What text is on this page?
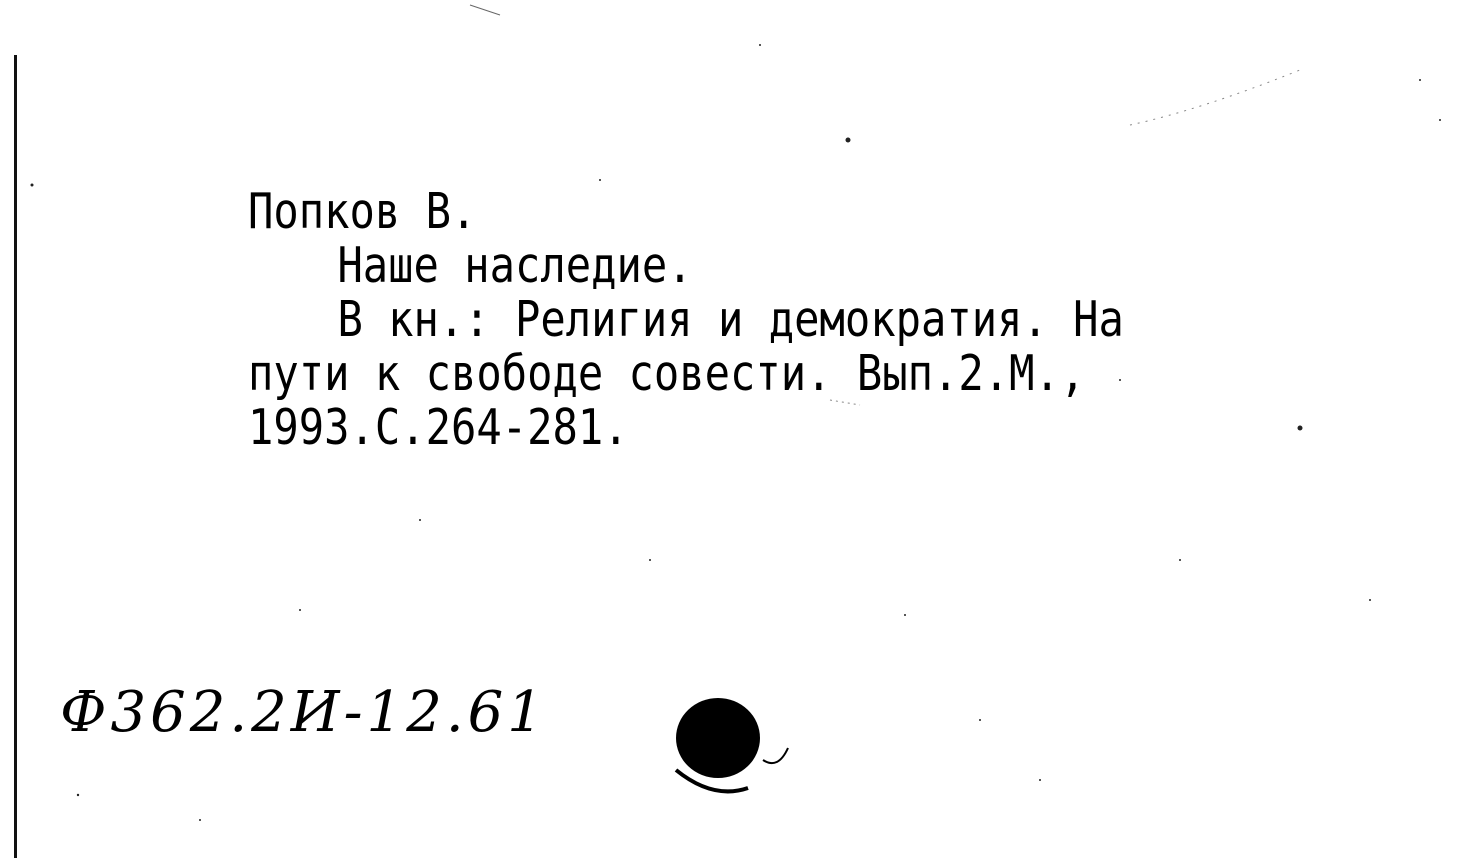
Попков В.
Наше наследие.
В кн.: Религия и демократия. На
пути к свободе совести. Вып.2.М.,
1993.С.264-281.
Ф362.2И-12.61
